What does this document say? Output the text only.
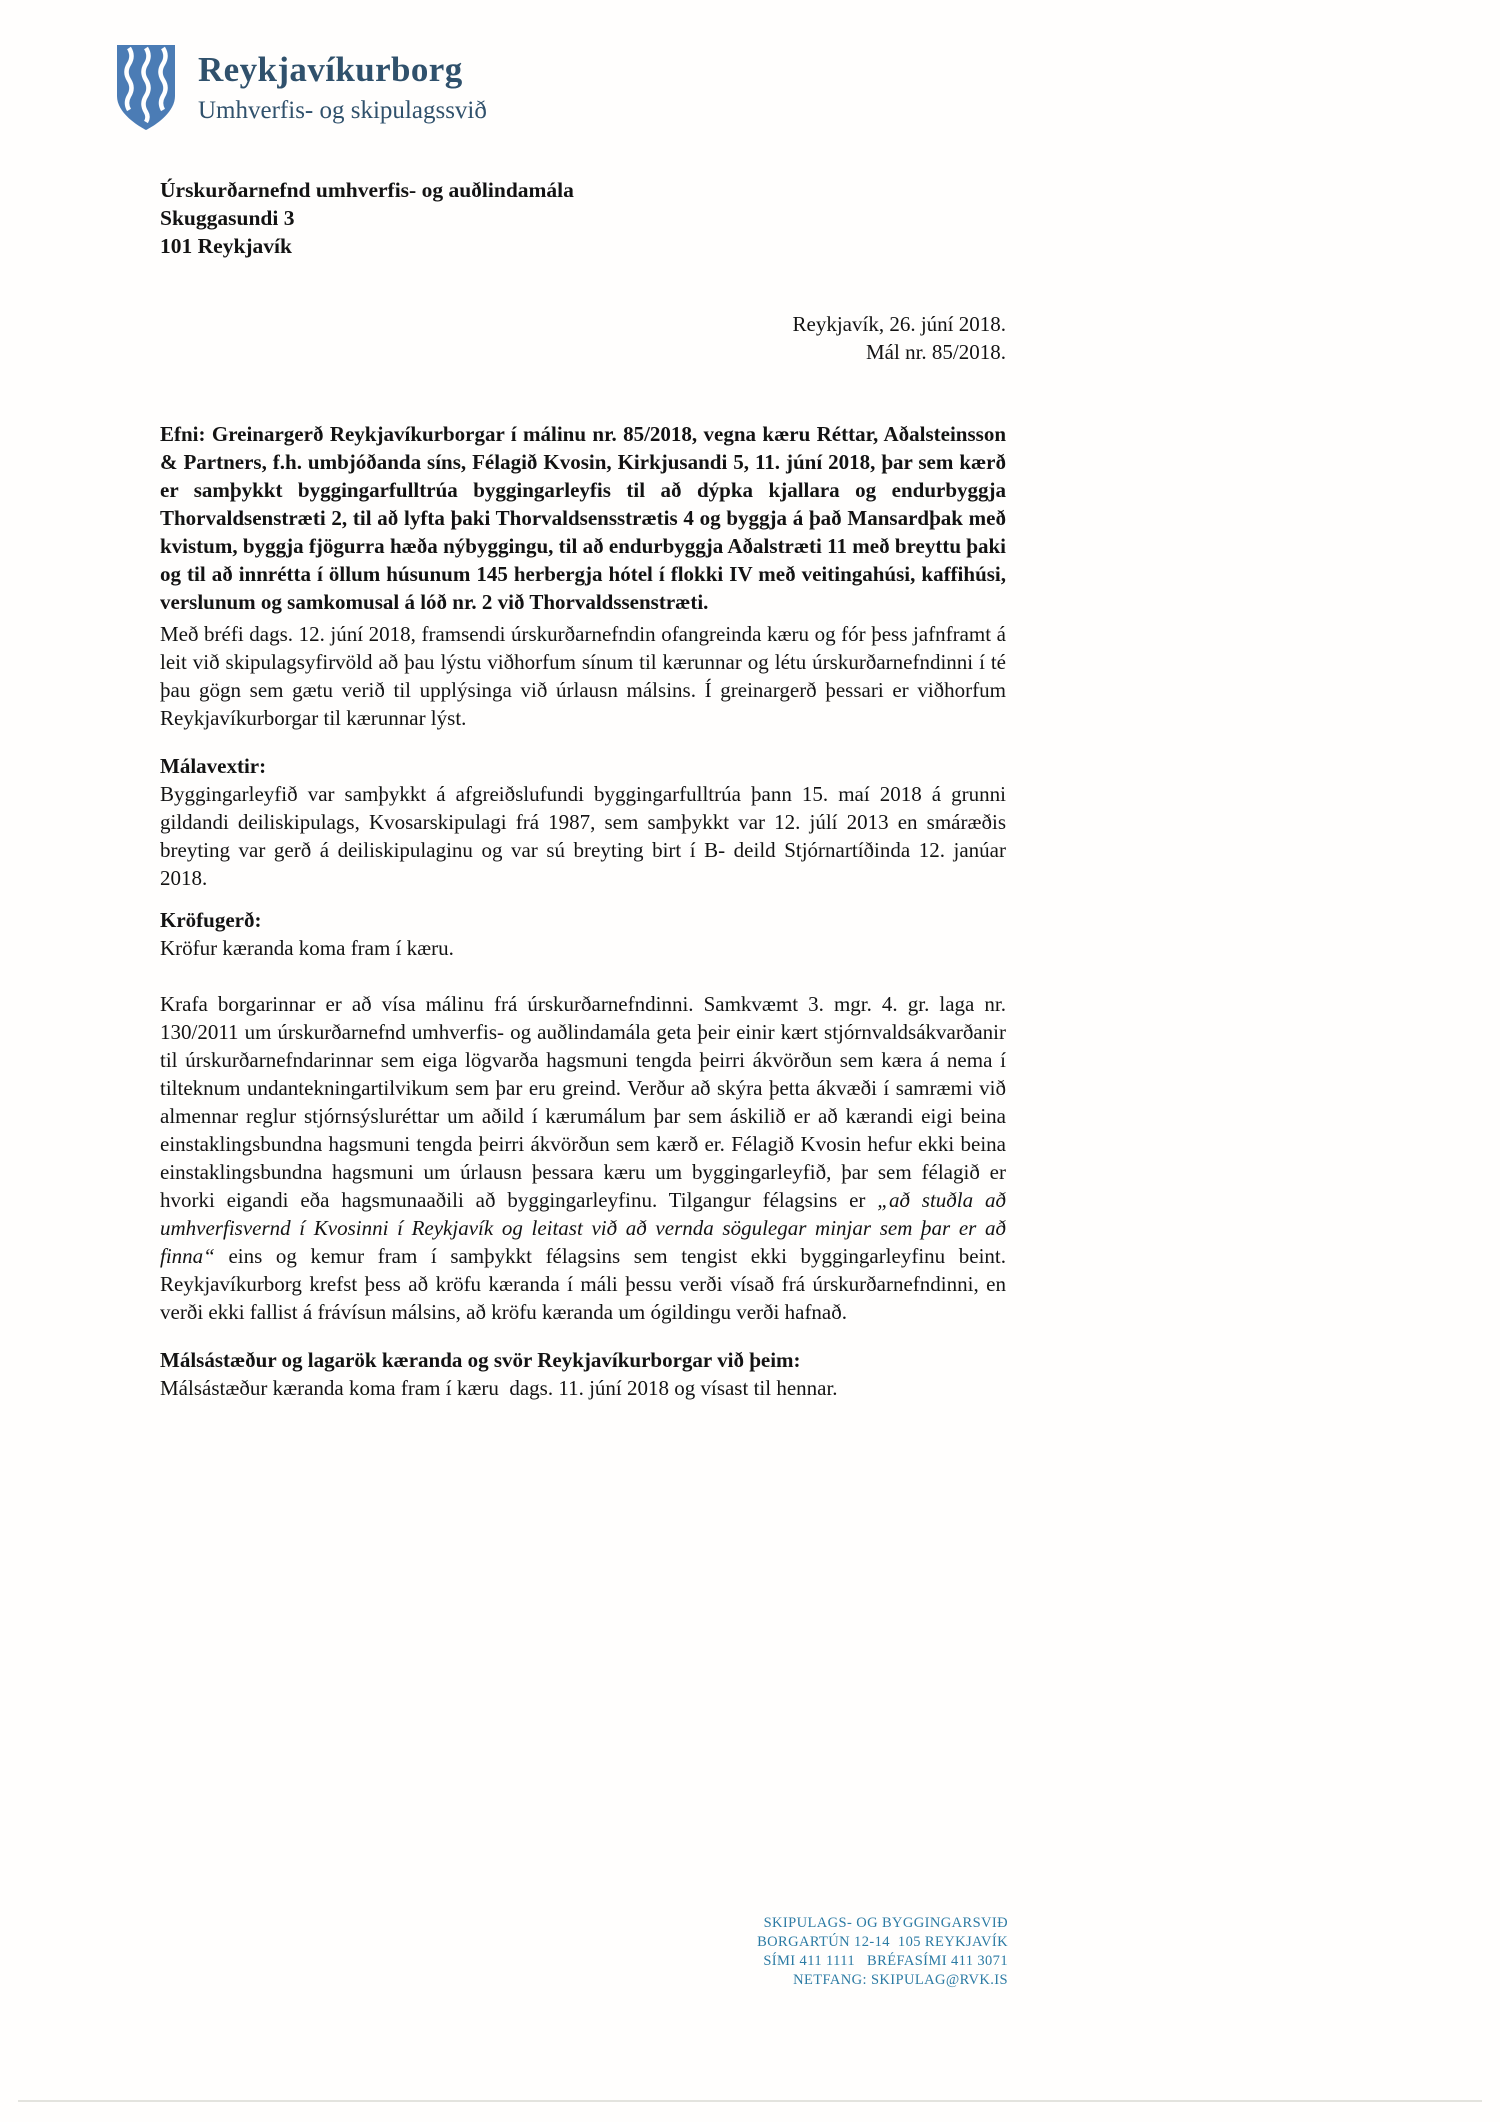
Reykjavíkurborg
Umhverfis- og skipulagssvið
Úrskurðarnefnd umhverfis- og auðlindamála
Skuggasundi 3
101 Reykjavík
Reykjavík, 26. júní 2018.
Mál nr. 85/2018.

Efni: Greinargerð Reykjavíkurborgar í málinu nr. 85/2018, vegna kæru Réttar, Aðalsteinsson & Partners, f.h. umbjóðanda síns, Félagið Kvosin, Kirkjusandi 5, 11. júní 2018, þar sem kærð er samþykkt byggingarfulltrúa byggingarleyfis til að dýpka kjallara og endurbyggja Thorvaldsenstræti 2, til að lyfta þaki Thorvaldsensstrætis 4 og byggja á það Mansardþak með kvistum, byggja fjögurra hæða nýbyggingu, til að endurbyggja Aðalstræti 11 með breyttu þaki og til að innrétta í öllum húsunum 145 herbergja hótel í flokki IV með veitingahúsi, kaffihúsi, verslunum og samkomusal á lóð nr. 2 við Thorvaldssenstræti.

Með bréfi dags. 12. júní 2018, framsendi úrskurðarnefndin ofangreinda kæru og fór þess jafnframt á leit við skipulagsyfirvöld að þau lýstu viðhorfum sínum til kærunnar og létu úrskurðarnefndinni í té þau gögn sem gætu verið til upplýsinga við úrlausn málsins. Í greinargerð þessari er viðhorfum Reykjavíkurborgar til kærunnar lýst.

Málavextir:

Byggingarleyfið var samþykkt á afgreiðslufundi byggingarfulltrúa þann 15. maí 2018 á grunni gildandi deiliskipulags, Kvosarskipulagi frá 1987, sem samþykkt var 12. júlí 2013 en smáræðis breyting var gerð á deiliskipulaginu og var sú breyting birt í B- deild Stjórnartíðinda 12. janúar 2018.

Kröfugerð:

Kröfur kæranda koma fram í kæru.

Krafa borgarinnar er að vísa málinu frá úrskurðarnefndinni. Samkvæmt 3. mgr. 4. gr. laga nr. 130/2011 um úrskurðarnefnd umhverfis- og auðlindamála geta þeir einir kært stjórnvaldsákvarðanir til úrskurðarnefndarinnar sem eiga lögvarða hagsmuni tengda þeirri ákvörðun sem kæra á nema í tilteknum undantekningartilvikum sem þar eru greind. Verður að skýra þetta ákvæði í samræmi við almennar reglur stjórnsýsluréttar um aðild í kærumálum þar sem áskilið er að kærandi eigi beina einstaklingsbundna hagsmuni tengda þeirri ákvörðun sem kærð er. Félagið Kvosin hefur ekki beina einstaklingsbundna hagsmuni um úrlausn þessara kæru um byggingarleyfið, þar sem félagið er hvorki eigandi eða hagsmunaaðili að byggingarleyfinu. Tilgangur félagsins er „að stuðla að umhverfisvernd í Kvosinni í Reykjavík og leitast við að vernda sögulegar minjar sem þar er að finna“ eins og kemur fram í samþykkt félagsins sem tengist ekki byggingarleyfinu beint. Reykjavíkurborg krefst þess að kröfu kæranda í máli þessu verði vísað frá úrskurðarnefndinni, en verði ekki fallist á frávísun málsins, að kröfu kæranda um ógildingu verði hafnað.

Málsástæður og lagarök kæranda og svör Reykjavíkurborgar við þeim:

Málsástæður kæranda koma fram í kæru  dags. 11. júní 2018 og vísast til hennar.

SKIPULAGS- OG BYGGINGARSVIÐ
BORGARTÚN 12-14  105 REYKJAVÍK
SÍMI 411 1111   BRÉFASÍMI 411 3071
NETFANG: SKIPULAG@RVK.IS
